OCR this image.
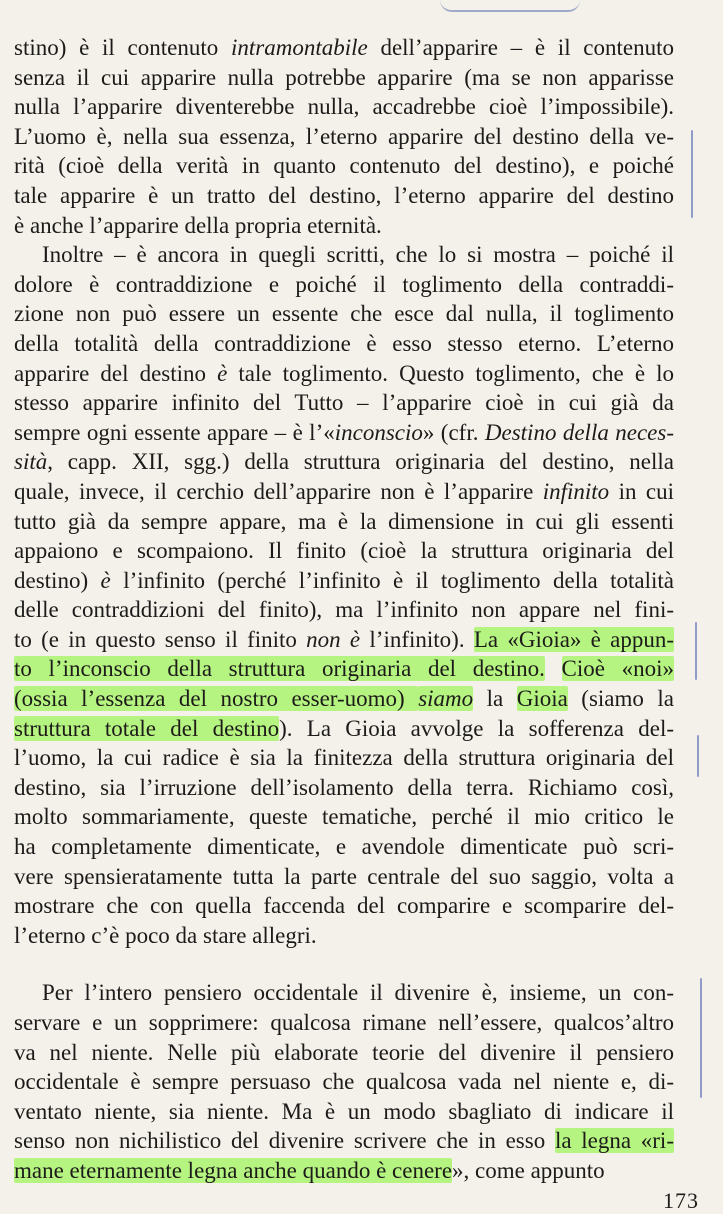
stino) è il contenuto intramontabile dell’apparire – è il contenuto
senza il cui apparire nulla potrebbe apparire (ma se non apparisse
nulla l’apparire diventerebbe nulla, accadrebbe cioè l’impossibile).
L’uomo è, nella sua essenza, l’eterno apparire del destino della ve-
rità (cioè della verità in quanto contenuto del destino), e poiché
tale apparire è un tratto del destino, l’eterno apparire del destino
è anche l’apparire della propria eternità.
Inoltre – è ancora in quegli scritti, che lo si mostra – poiché il
dolore è contraddizione e poiché il toglimento della contraddi-
zione non può essere un essente che esce dal nulla, il toglimento
della totalità della contraddizione è esso stesso eterno. L’eterno
apparire del destino è tale toglimento. Questo toglimento, che è lo
stesso apparire infinito del Tutto – l’apparire cioè in cui già da
sempre ogni essente appare – è l’«inconscio» (cfr. Destino della neces-
sità, capp. XII, sgg.) della struttura originaria del destino, nella
quale, invece, il cerchio dell’apparire non è l’apparire infinito in cui
tutto già da sempre appare, ma è la dimensione in cui gli essenti
appaiono e scompaiono. Il finito (cioè la struttura originaria del
destino) è l’infinito (perché l’infinito è il toglimento della totalità
delle contraddizioni del finito), ma l’infinito non appare nel fini-
to (e in questo senso il finito non è l’infinito). La «Gioia» è appun-
to l’inconscio della struttura originaria del destino. Cioè «noi»
(ossia l’essenza del nostro esser-uomo) siamo la Gioia (siamo la
struttura totale del destino). La Gioia avvolge la sofferenza del-
l’uomo, la cui radice è sia la finitezza della struttura originaria del
destino, sia l’irruzione dell’isolamento della terra. Richiamo così,
molto sommariamente, queste tematiche, perché il mio critico le
ha completamente dimenticate, e avendole dimenticate può scri-
vere spensieratamente tutta la parte centrale del suo saggio, volta a
mostrare che con quella faccenda del comparire e scomparire del-
l’eterno c’è poco da stare allegri.
Per l’intero pensiero occidentale il divenire è, insieme, un con-
servare e un sopprimere: qualcosa rimane nell’essere, qualcos’altro
va nel niente. Nelle più elaborate teorie del divenire il pensiero
occidentale è sempre persuaso che qualcosa vada nel niente e, di-
ventato niente, sia niente. Ma è un modo sbagliato di indicare il
senso non nichilistico del divenire scrivere che in esso la legna «ri-
mane eternamente legna anche quando è cenere», come appunto
173
